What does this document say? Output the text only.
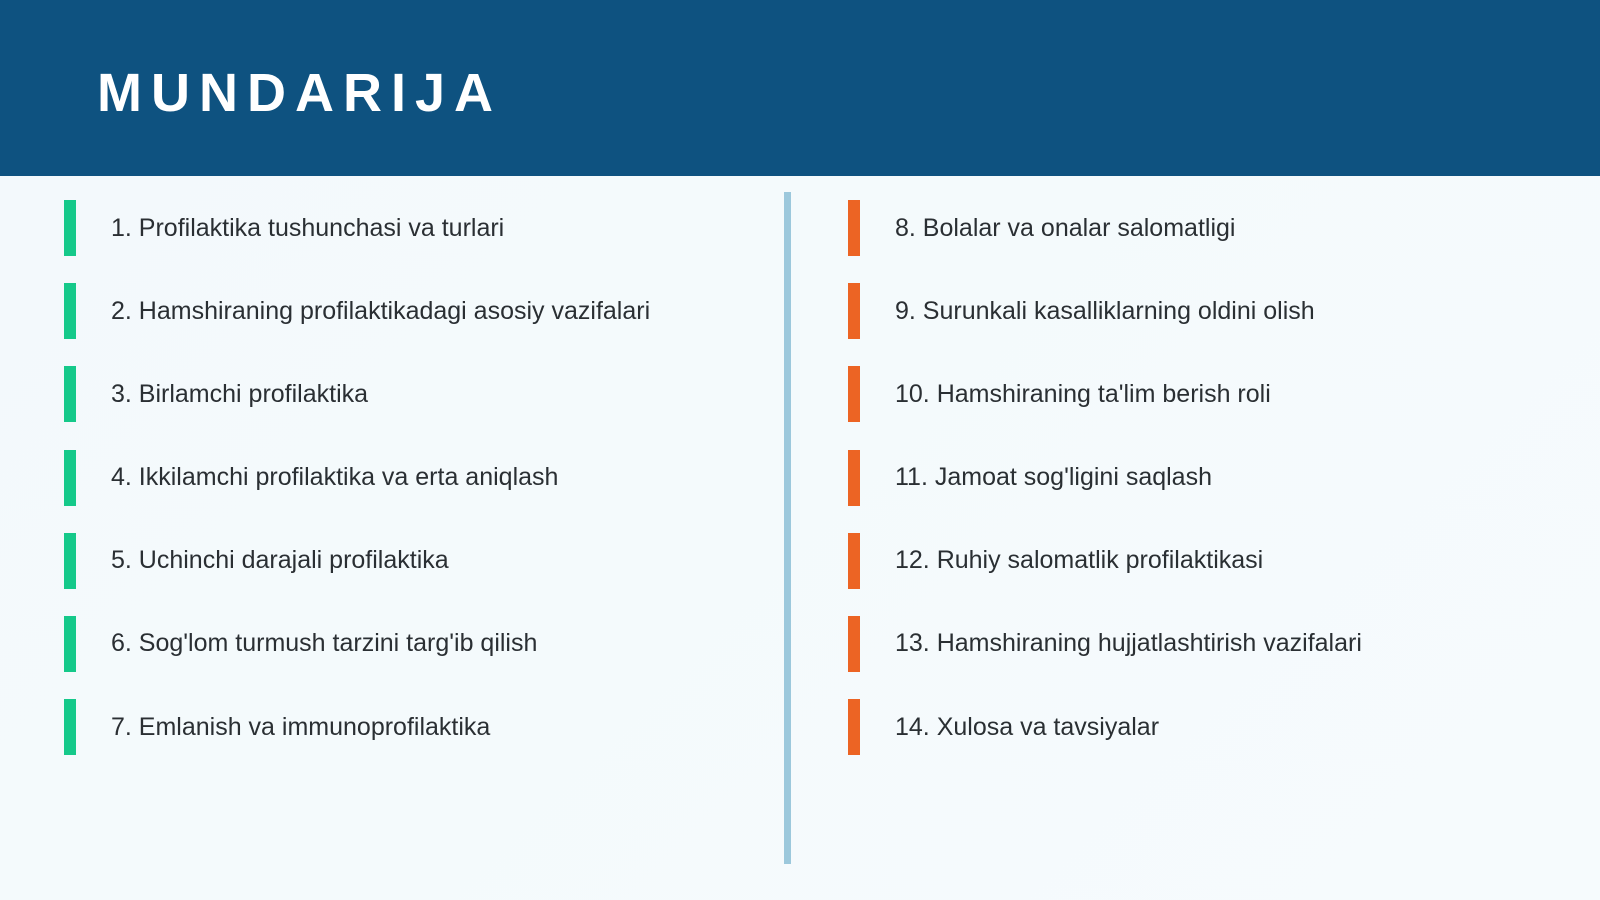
MUNDARIJA
1. Profilaktika tushunchasi va turlari
2. Hamshiraning profilaktikadagi asosiy vazifalari
3. Birlamchi profilaktika
4. Ikkilamchi profilaktika va erta aniqlash
5. Uchinchi darajali profilaktika
6. Sog'lom turmush tarzini targ'ib qilish
7. Emlanish va immunoprofilaktika
8. Bolalar va onalar salomatligi
9. Surunkali kasalliklarning oldini olish
10. Hamshiraning ta'lim berish roli
11. Jamoat sog'ligini saqlash
12. Ruhiy salomatlik profilaktikasi
13. Hamshiraning hujjatlashtirish vazifalari
14. Xulosa va tavsiyalar
